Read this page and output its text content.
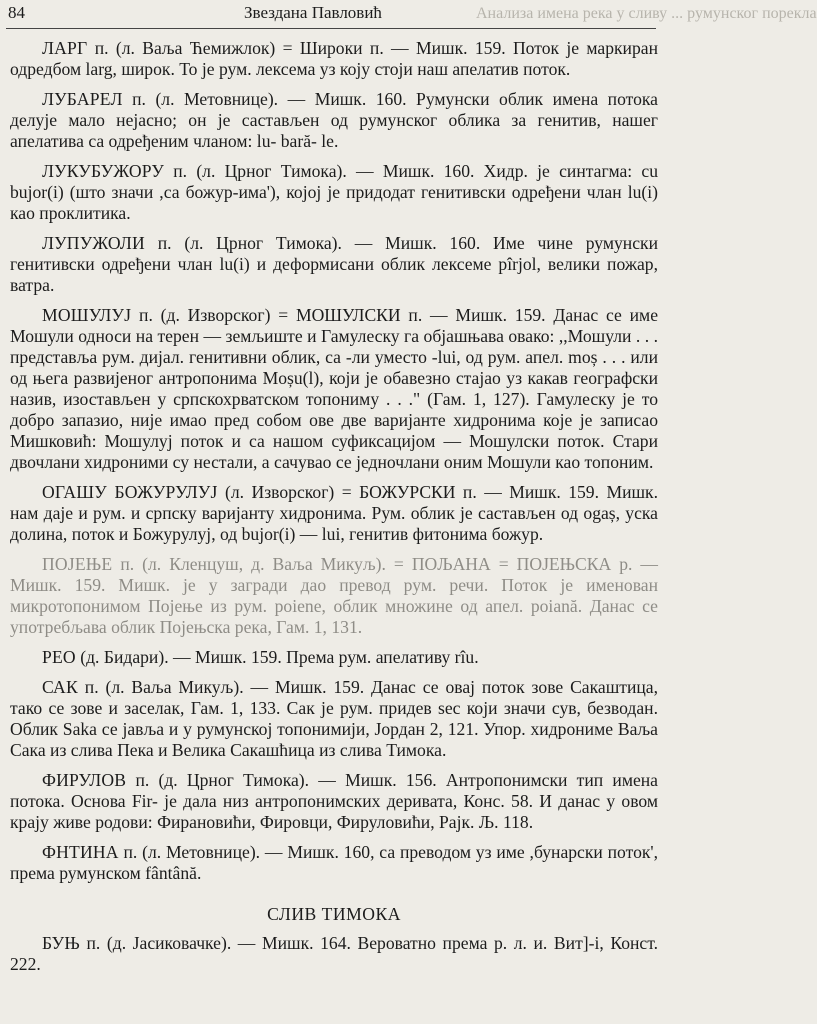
84	Звездана Павловић	Анализа имена река у сливу ... румунског порекла

ЛАРГ п. (л. Ваља Ћемижлок) = Широки п. — Мишк. 159. Поток је маркиран одредбом larg, широк. То је рум. лексема уз коју стоји наш апелатив поток.

ЛУБАРЕЛ п. (л. Метовнице). — Мишк. 160. Румунски облик имена потока делује мало нејасно; он је састављен од румунског облика за генитив, нашег апелатива са одређеним чланом: lu- bară- le.

ЛУКУБУЖОРУ п. (л. Црног Тимока). — Мишк. 160. Хидр. је синтагма: cu bujor(i) (што значи ,са божур-има'), којој је придодат генитивски одређени члан lu(i) као проклитика.

ЛУПУЖОЛИ п. (л. Црног Тимока). — Мишк. 160. Име чине румунски генитивски одређени члан lu(i) и деформисани облик лексеме pîrjol, велики пожар, ватра.

МОШУЛУЈ п. (д. Изворског) = МОШУЛСКИ п. — Мишк. 159. Данас се име Мошули односи на терен — земљиште и Гамулеску га објашњава овако: ,,Мошули . . . представља рум. дијал. генитивни облик, са -ли уместо -lui, од рум. апел. moș . . . или од њега развијеног антропонима Moșu(l), који је обавезно стајао уз какав географски назив, изостављен у српскохрватском топониму . . ." (Гам. 1, 127). Гамулеску је то добро запазио, није имао пред собом ове две варијанте хидронима које је записао Мишковић: Мошулуј поток и са нашом суфиксацијом — Мошулски поток. Стари двочлани хидроними су нестали, а сачувао се једночлани оним Мошули као топоним.

ОГАШУ БОЖУРУЛУЈ (л. Изворског) = БОЖУРСКИ п. — Мишк. 159. Мишк. нам даје и рум. и српску варијанту хидронима. Рум. облик је састављен од ogaș, уска долина, поток и Божурулуј, од bujor(i) — lui, генитив фитонима божур.

ПОЈЕЊЕ п. (л. Кленцуш, д. Ваља Микуљ). = ПОЉАНА = ПОЈЕЊСКА р. — Мишк. 159. Мишк. је у загради дао превод рум. речи. Поток је именован микротопонимом Појење из рум. poiene, облик множине од апел. poiană. Данас се употребљава облик Појењска река, Гам. 1, 131.

РЕО (д. Бидари). — Мишк. 159. Према рум. апелативу rîu.

САК п. (л. Ваља Микуљ). — Мишк. 159. Данас се овај поток зове Сакаштица, тако се зове и заселак, Гам. 1, 133. Сак је рум. придев sec који значи сув, безводан. Облик Saka се јавља и у румунској топонимији, Јордан 2, 121. Упор. хидрониме Ваља Сака из слива Пека и Велика Сакашћица из слива Тимока.

ФИРУЛОВ п. (д. Црног Тимока). — Мишк. 156. Антропонимски тип имена потока. Основа Fir- је дала низ антропонимских деривата, Конс. 58. И данас у овом крају живе родови: Фирановићи, Фировци, Фируловићи, Рајк. Љ. 118.

ФНТИНА п. (л. Метовнице). — Мишк. 160, са преводом уз име ,бунарски поток', према румунском fântână.

СЛИВ ТИМОКА

БУЊ п. (д. Јасиковачке). — Мишк. 164. Вероватно према р. л. и. Вит]-i, Конст. 222.
